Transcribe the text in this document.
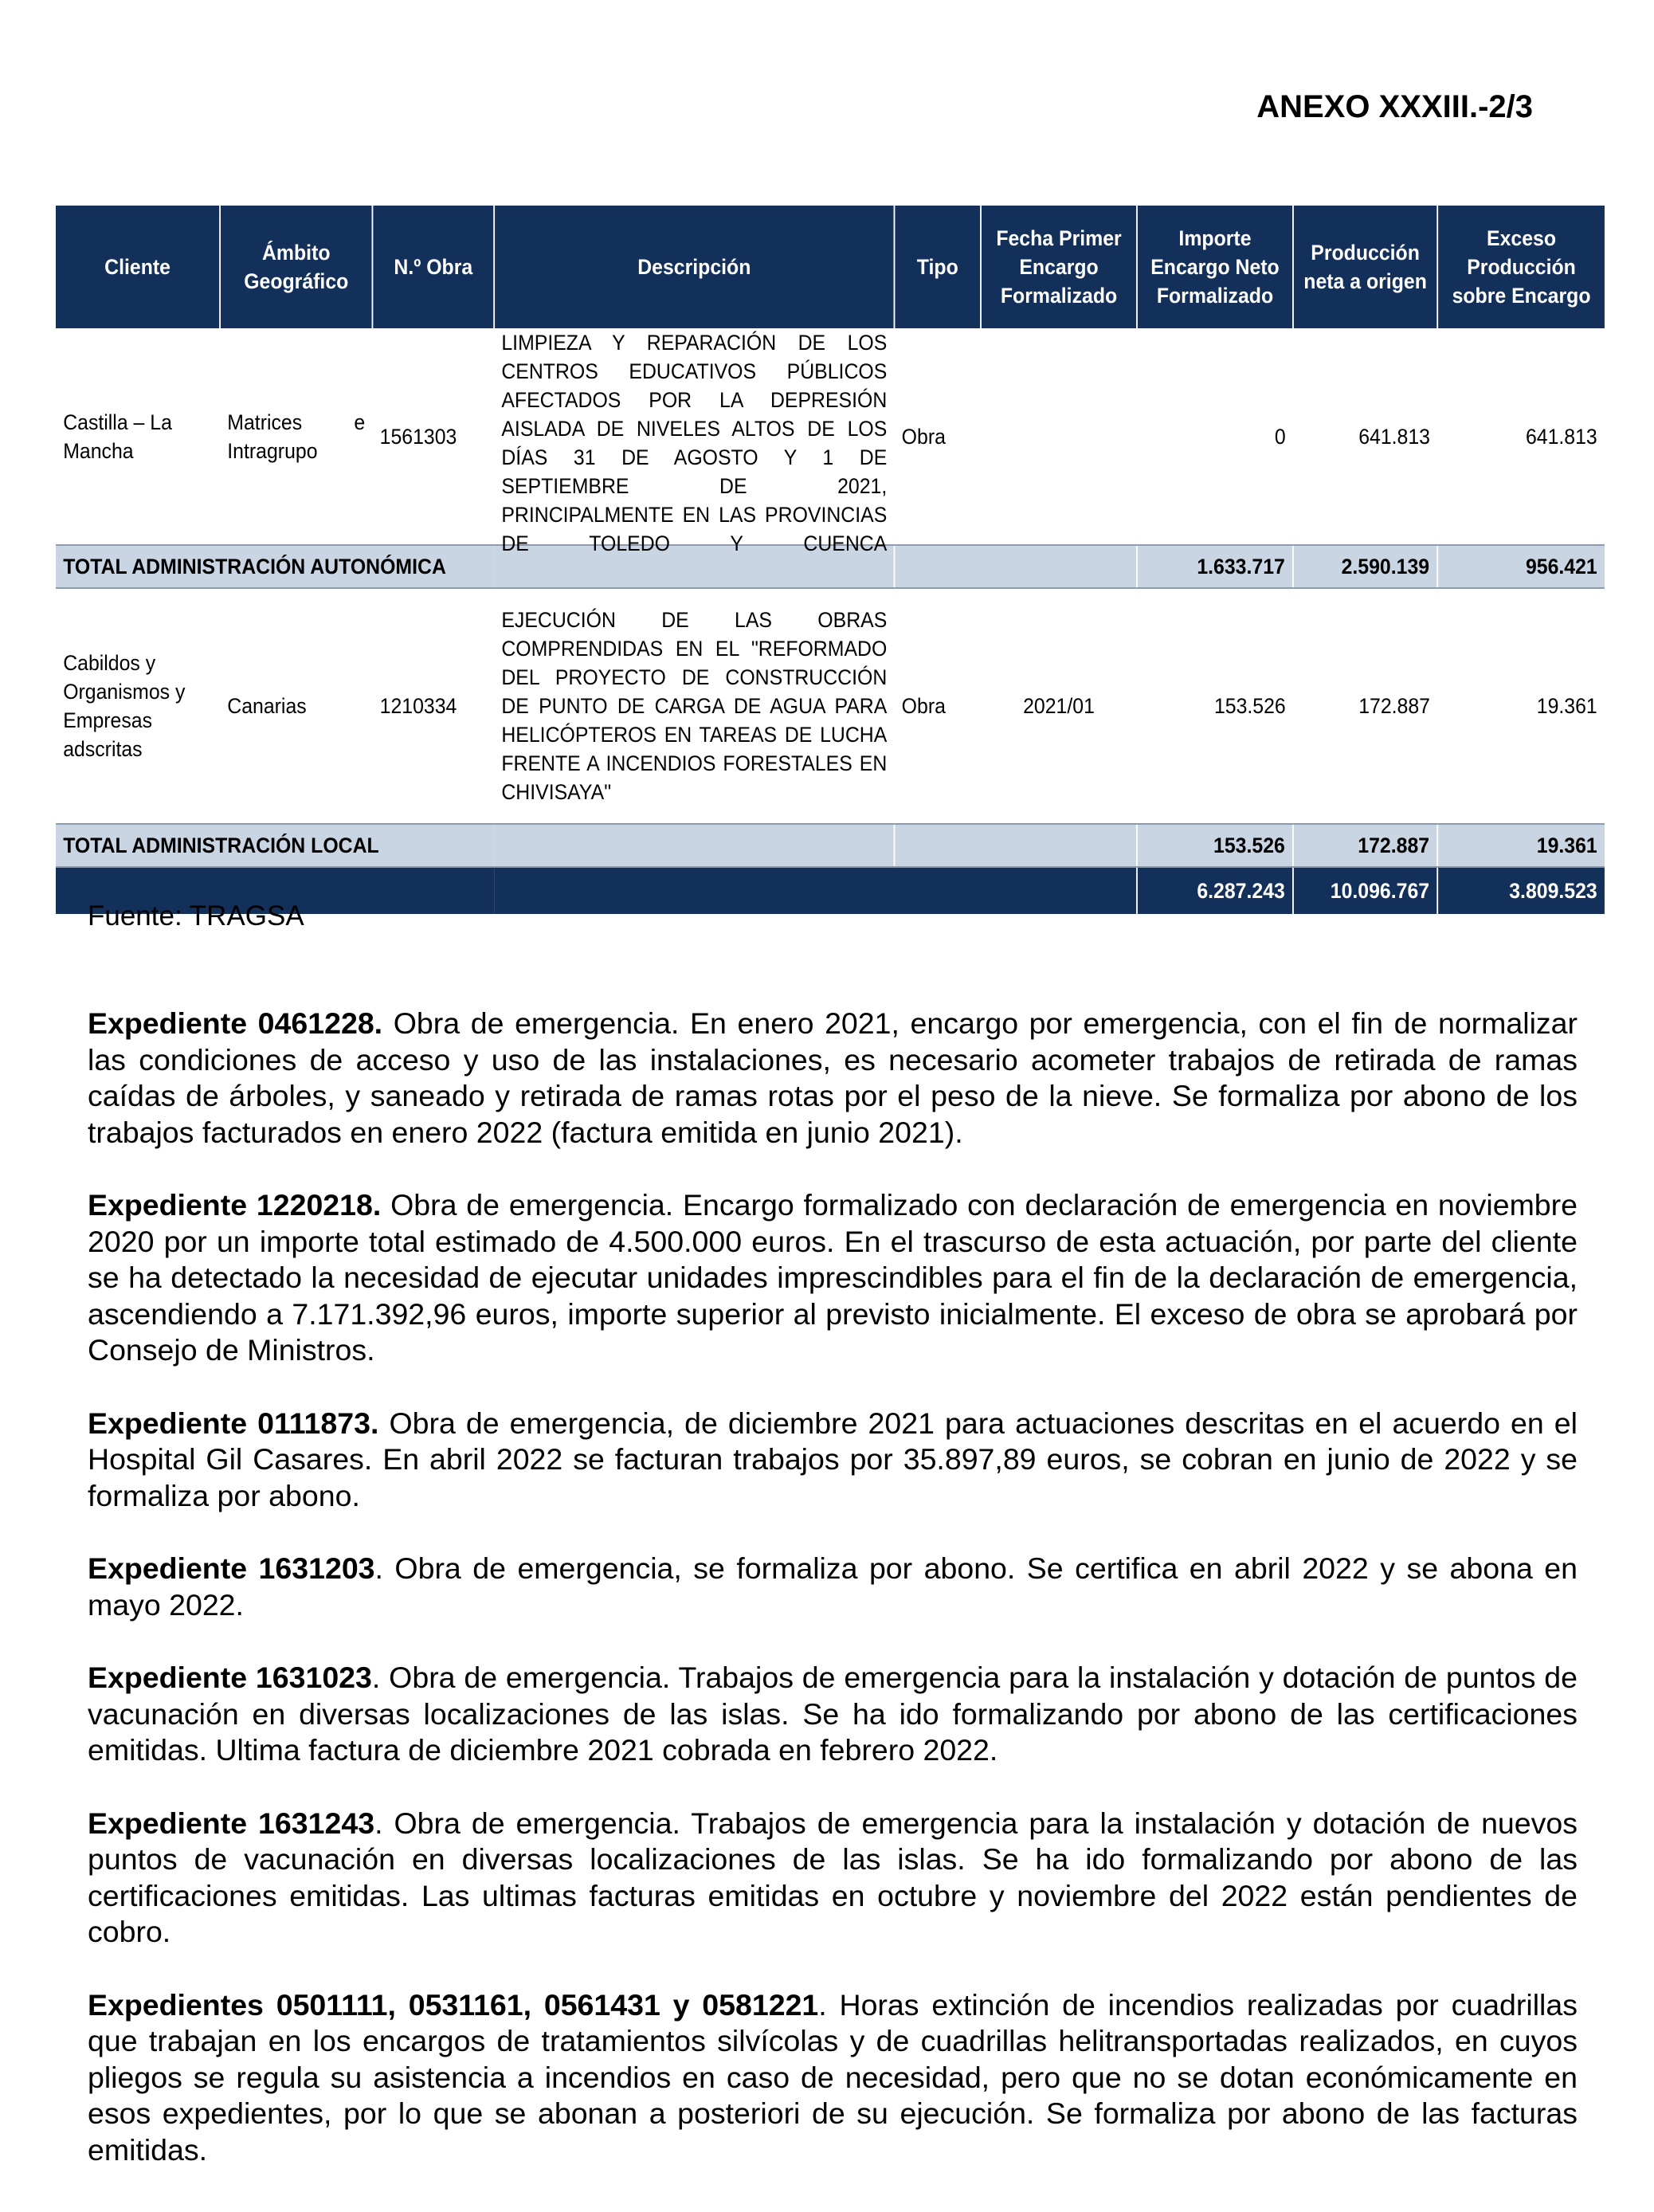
ANEXO XXXIII.-2/3
Cliente	Ámbito Geográfico	N.º Obra	Descripción	Tipo	Fecha Primer Encargo Formalizado	Importe Encargo Neto Formalizado	Producción neta a origen	Exceso Producción sobre Encargo
Castilla – La Mancha	Matrices e Intragrupo	1561303	LIMPIEZA Y REPARACIÓN DE LOS CENTROS EDUCATIVOS PÚBLICOS AFECTADOS POR LA DEPRESIÓN AISLADA DE NIVELES ALTOS DE LOS DÍAS 31 DE AGOSTO Y 1 DE SEPTIEMBRE DE 2021, PRINCIPALMENTE EN LAS PROVINCIAS DE TOLEDO Y CUENCA	Obra		0	641.813	641.813
TOTAL ADMINISTRACIÓN AUTONÓMICA						1.633.717	2.590.139	956.421
Cabildos y Organismos y Empresas adscritas	Canarias	1210334	EJECUCIÓN DE LAS OBRAS COMPRENDIDAS EN EL "REFORMADO DEL PROYECTO DE CONSTRUCCIÓN DE PUNTO DE CARGA DE AGUA PARA HELICÓPTEROS EN TAREAS DE LUCHA FRENTE A INCENDIOS FORESTALES EN CHIVISAYA"	Obra	2021/01	153.526	172.887	19.361
TOTAL ADMINISTRACIÓN LOCAL						153.526	172.887	19.361
						6.287.243	10.096.767	3.809.523
Fuente: TRAGSA

Expediente 0461228. Obra de emergencia. En enero 2021, encargo por emergencia, con el fin de normalizar las condiciones de acceso y uso de las instalaciones, es necesario acometer trabajos de retirada de ramas caídas de árboles, y saneado y retirada de ramas rotas por el peso de la nieve. Se formaliza por abono de los trabajos facturados en enero 2022 (factura emitida en junio 2021).

Expediente 1220218. Obra de emergencia. Encargo formalizado con declaración de emergencia en noviembre 2020 por un importe total estimado de 4.500.000 euros. En el trascurso de esta actuación, por parte del cliente se ha detectado la necesidad de ejecutar unidades imprescindibles para el fin de la declaración de emergencia, ascendiendo a 7.171.392,96 euros, importe superior al previsto inicialmente. El exceso de obra se aprobará por Consejo de Ministros.

Expediente 0111873. Obra de emergencia, de diciembre 2021 para actuaciones descritas en el acuerdo en el Hospital Gil Casares. En abril 2022 se facturan trabajos por 35.897,89 euros, se cobran en junio de 2022 y se formaliza por abono.

Expediente 1631203. Obra de emergencia, se formaliza por abono. Se certifica en abril 2022 y se abona en mayo 2022.

Expediente 1631023. Obra de emergencia. Trabajos de emergencia para la instalación y dotación de puntos de vacunación en diversas localizaciones de las islas. Se ha ido formalizando por abono de las certificaciones emitidas. Ultima factura de diciembre 2021 cobrada en febrero 2022.

Expediente 1631243. Obra de emergencia. Trabajos de emergencia para la instalación y dotación de nuevos puntos de vacunación en diversas localizaciones de las islas. Se ha ido formalizando por abono de las certificaciones emitidas. Las ultimas facturas emitidas en octubre y noviembre del 2022 están pendientes de cobro.

Expedientes 0501111, 0531161, 0561431 y 0581221. Horas extinción de incendios realizadas por cuadrillas que trabajan en los encargos de tratamientos silvícolas y de cuadrillas helitransportadas realizados, en cuyos pliegos se regula su asistencia a incendios en caso de necesidad, pero que no se dotan económicamente en esos expedientes, por lo que se abonan a posteriori de su ejecución. Se formaliza por abono de las facturas emitidas.
